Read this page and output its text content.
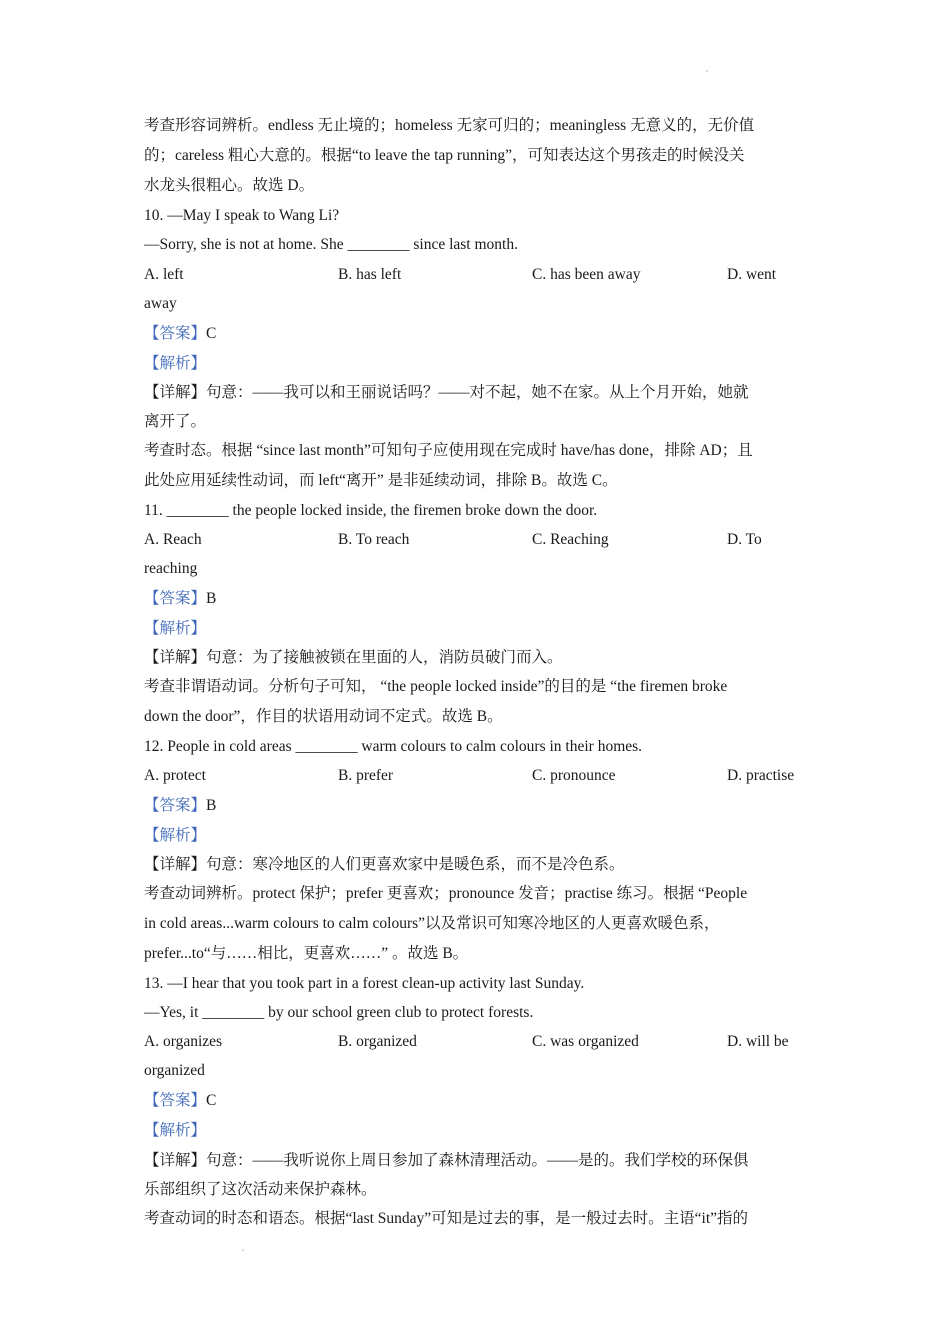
考查形容词辨析。endless 无止境的；homeless 无家可归的；meaningless 无意义的，无价值
的；careless 粗心大意的。根据“to leave the tap running”，可知表达这个男孩走的时候没关
水龙头很粗心。故选 D。
10. —May I speak to Wang Li?
—Sorry, she is not at home. She ________ since last month.
A. left	B. has left	C. has been away	D. went
away
【答案】C
【解析】
【详解】句意：——我可以和王丽说话吗？——对不起，她不在家。从上个月开始，她就
离开了。
考查时态。根据 “since last month”可知句子应使用现在完成时 have/has done，排除 AD；且
此处应用延续性动词，而 left“离开” 是非延续动词，排除 B。故选 C。
11. ________ the people locked inside, the firemen broke down the door.
A. Reach	B. To reach	C. Reaching	D. To
reaching
【答案】B
【解析】
【详解】句意：为了接触被锁在里面的人，消防员破门而入。
考查非谓语动词。分析句子可知， “the people locked inside”的目的是 “the firemen broke
down the door”，作目的状语用动词不定式。故选 B。
12. People in cold areas ________ warm colours to calm colours in their homes.
A. protect	B. prefer	C. pronounce	D. practise
【答案】B
【解析】
【详解】句意：寒冷地区的人们更喜欢家中是暖色系，而不是冷色系。
考查动词辨析。protect 保护；prefer 更喜欢；pronounce 发音；practise 练习。根据 “People
in cold areas...warm colours to calm colours”以及常识可知寒冷地区的人更喜欢暖色系，
prefer...to“与……相比，更喜欢……” 。故选 B。
13. —I hear that you took part in a forest clean-up activity last Sunday.
—Yes, it ________ by our school green club to protect forests.
A. organizes	B. organized	C. was organized	D. will be
organized
【答案】C
【解析】
【详解】句意：——我听说你上周日参加了森林清理活动。——是的。我们学校的环保俱
乐部组织了这次活动来保护森林。
考查动词的时态和语态。根据“last Sunday”可知是过去的事，是一般过去时。主语“it”指的
